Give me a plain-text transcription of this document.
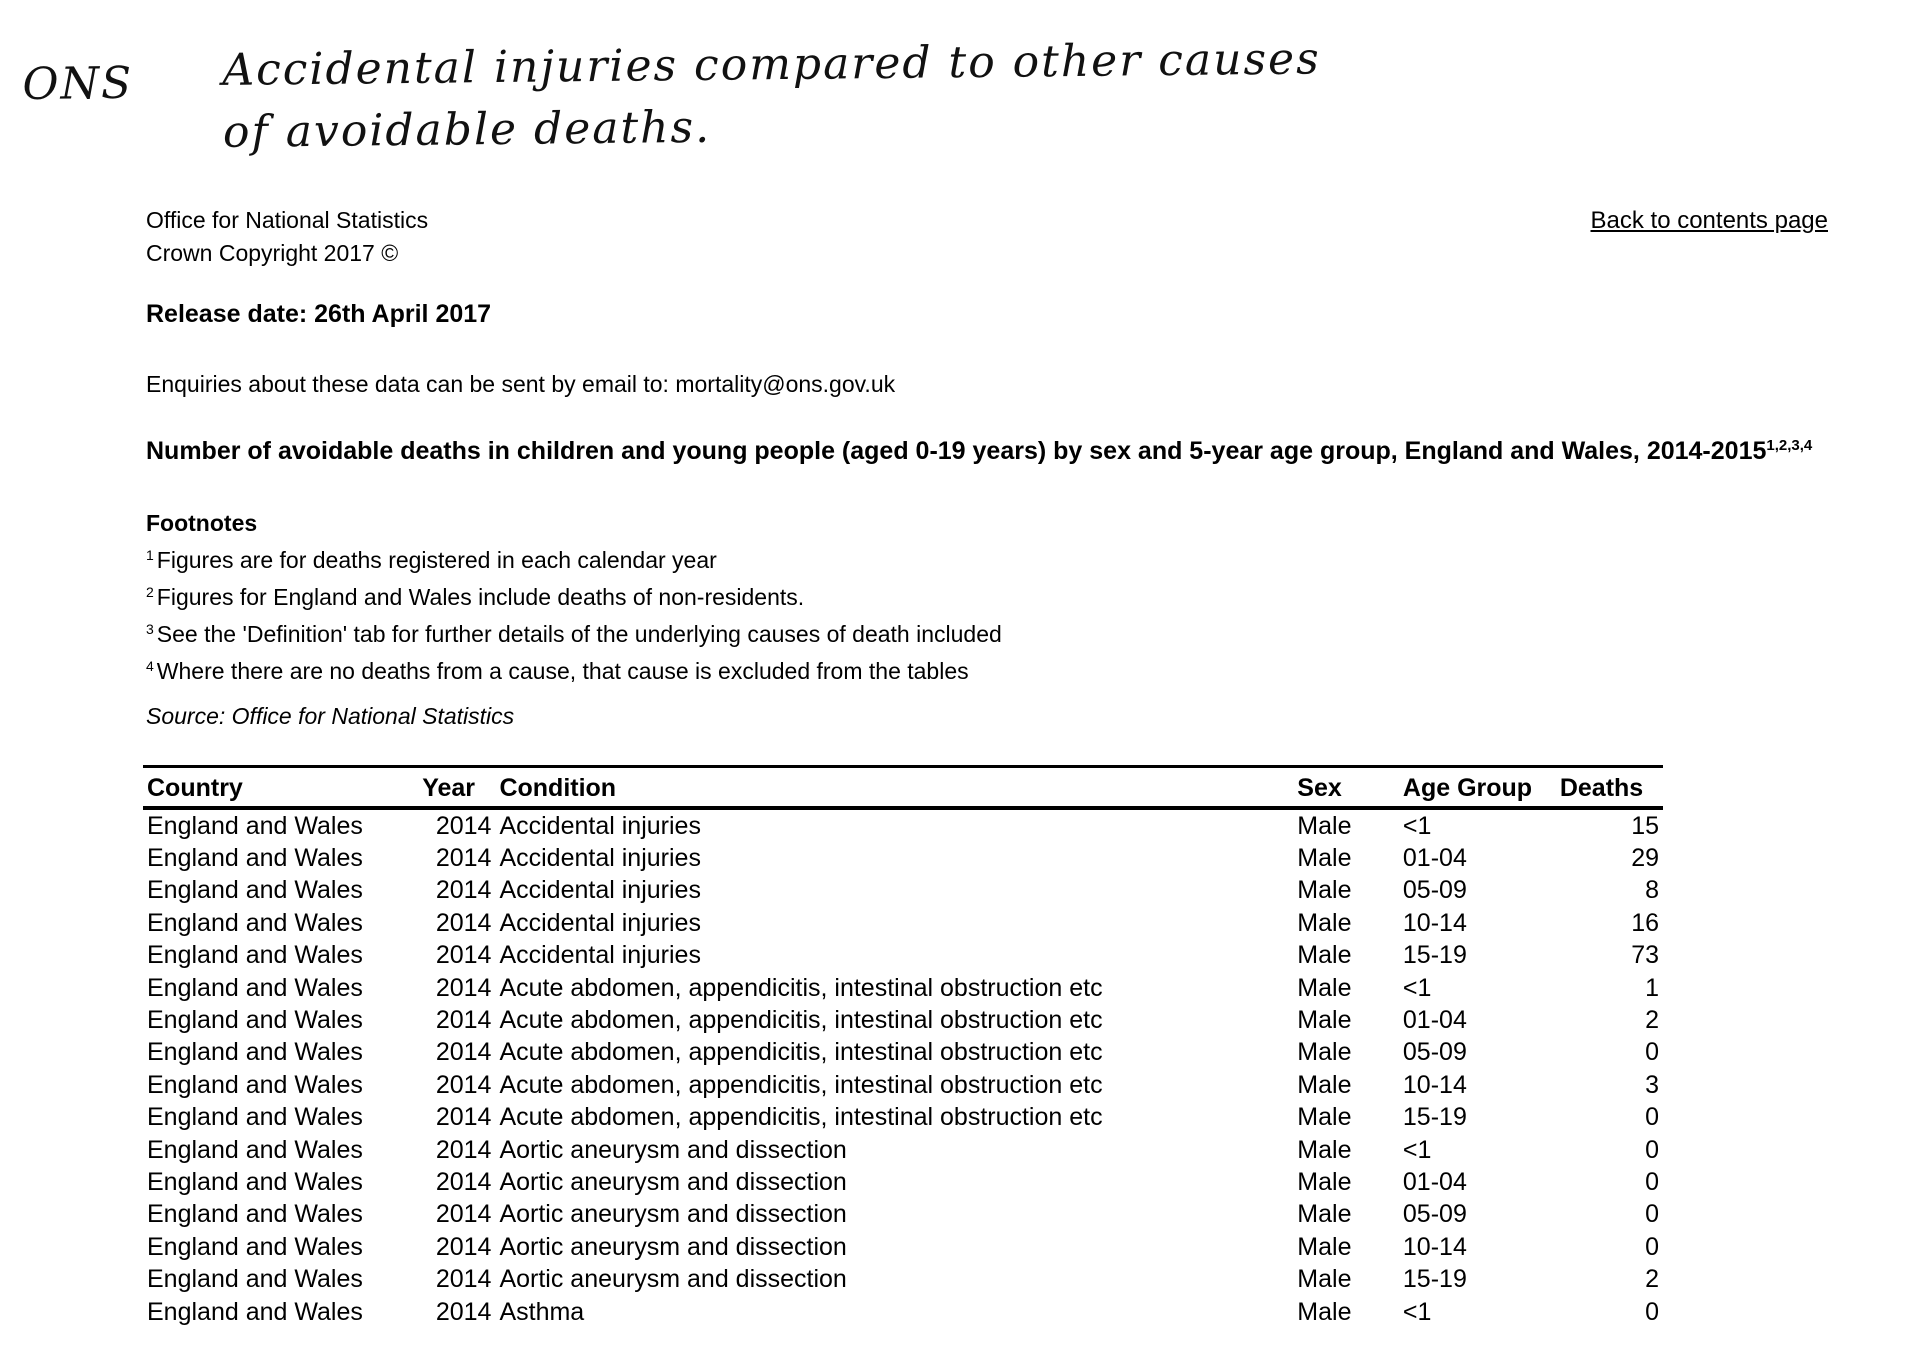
ONS Accidental injuries compared to other causes
of avoidable deaths.
Office for National Statistics
Crown Copyright 2017 ©
Back to contents page
Release date: 26th April 2017
Enquiries about these data can be sent by email to: mortality@ons.gov.uk
Number of avoidable deaths in children and young people (aged 0-19 years) by sex and 5-year age group, England and Wales, 2014-2015$^{1,2,3,4}$
Footnotes
$^1$ Figures are for deaths registered in each calendar year
$^2$ Figures for England and Wales include deaths of non-residents.
$^3$ See the 'Definition' tab for further details of the underlying causes of death included
$^4$ Where there are no deaths from a cause, that cause is excluded from the tables
Source: Office for National Statistics
Country	Year	Condition	Sex	Age Group	Deaths
England and Wales	2014	Accidental injuries	Male	<1	15
England and Wales	2014	Accidental injuries	Male	01-04	29
England and Wales	2014	Accidental injuries	Male	05-09	8
England and Wales	2014	Accidental injuries	Male	10-14	16
England and Wales	2014	Accidental injuries	Male	15-19	73
England and Wales	2014	Acute abdomen, appendicitis, intestinal obstruction etc	Male	<1	1
England and Wales	2014	Acute abdomen, appendicitis, intestinal obstruction etc	Male	01-04	2
England and Wales	2014	Acute abdomen, appendicitis, intestinal obstruction etc	Male	05-09	0
England and Wales	2014	Acute abdomen, appendicitis, intestinal obstruction etc	Male	10-14	3
England and Wales	2014	Acute abdomen, appendicitis, intestinal obstruction etc	Male	15-19	0
England and Wales	2014	Aortic aneurysm and dissection	Male	<1	0
England and Wales	2014	Aortic aneurysm and dissection	Male	01-04	0
England and Wales	2014	Aortic aneurysm and dissection	Male	05-09	0
England and Wales	2014	Aortic aneurysm and dissection	Male	10-14	0
England and Wales	2014	Aortic aneurysm and dissection	Male	15-19	2
England and Wales	2014	Asthma	Male	<1	0
